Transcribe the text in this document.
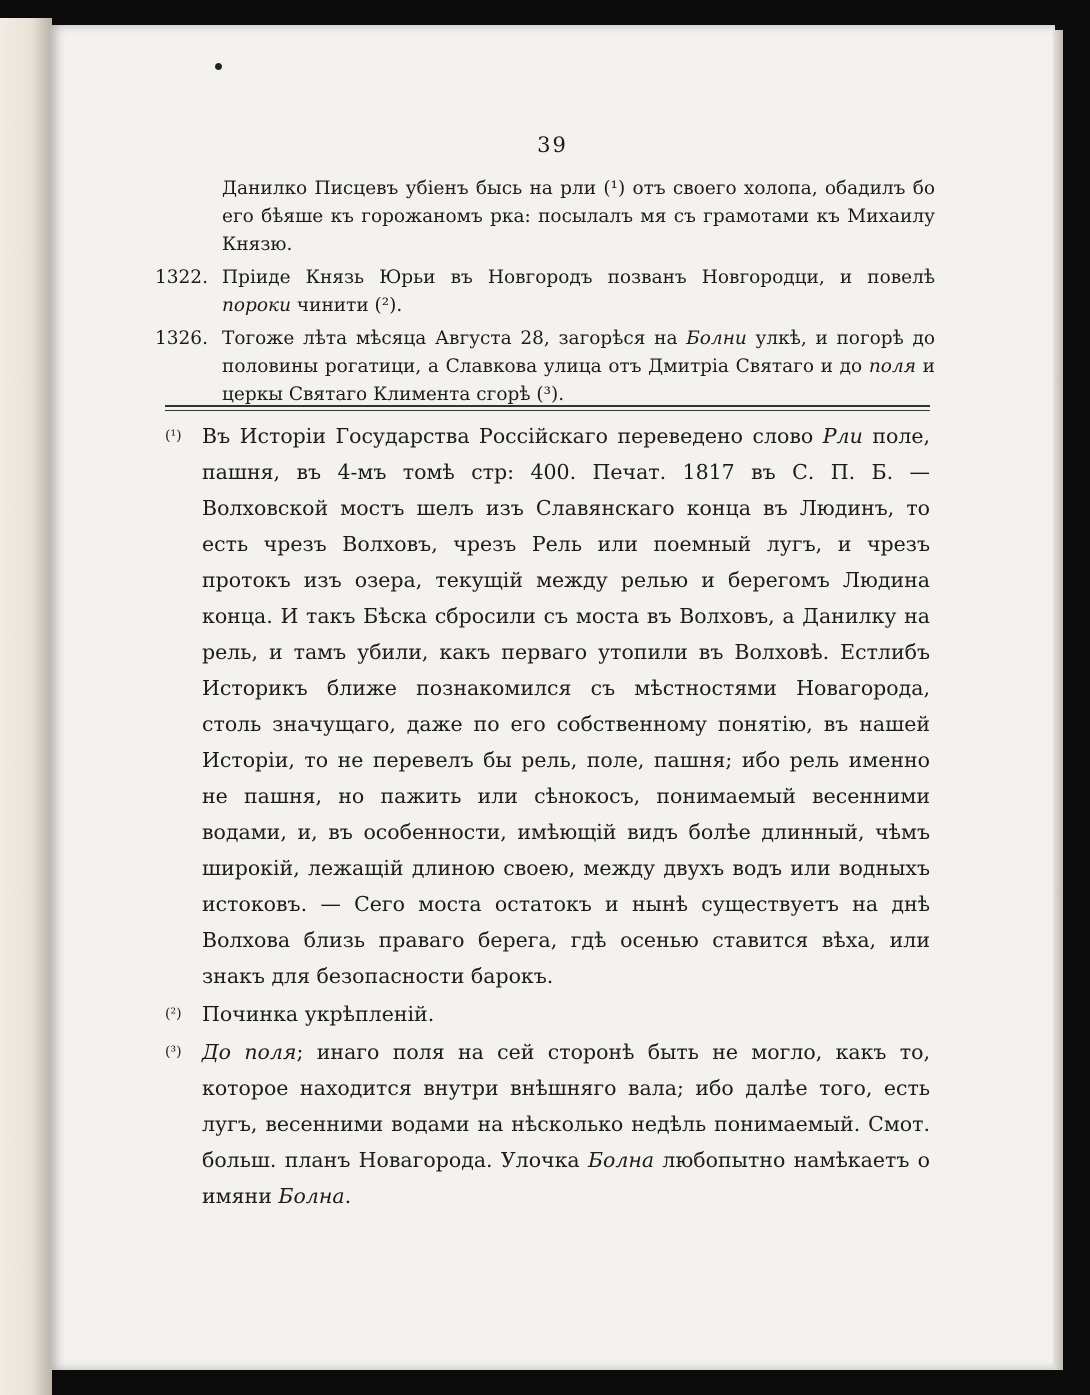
39
Данилко Писцевъ убіенъ бысь на рли (¹) отъ своего холопа, обадилъ бо его бѣяше къ горожаномъ рка: посылалъ мя съ грамотами къ Михаилу Князю.
1322. Пріиде Князь Юрьи въ Новгородъ позванъ Новгородци, и повелѣ пороки чинити (²).
1326. Тогоже лѣта мѣсяца Августа 28, загорѣся на Болни улкѣ, и погорѣ до половины рогатици, а Славкова улица отъ Дмитріа Святаго и до поля и церкы Святаго Климента сгорѣ (³).
(¹) Въ Исторіи Государства Россійскаго переведено слово Рли поле, пашня, въ 4-мъ томѣ стр: 400. Печат. 1817 въ С. П. Б. — Волховской мостъ шелъ изъ Славянскаго конца въ Людинъ, то есть чрезъ Волховъ, чрезъ Рель или поемный лугъ, и чрезъ протокъ изъ озера, текущій между релью и берегомъ Людина конца. И такъ Бѣска сбросили съ моста въ Волховъ, а Данилку на рель, и тамъ убили, какъ перваго утопили въ Волховѣ. Естлибъ Историкъ ближе познакомился съ мѣстностями Новагорода, столь значущаго, даже по его собственному понятію, въ нашей Исторіи, то не перевелъ бы рель, поле, пашня; ибо рель именно не пашня, но пажить или сѣнокосъ, понимаемый весенними водами, и, въ особенности, имѣющій видъ болѣе длинный, чѣмъ широкій, лежащій длиною своею, между двухъ водъ или водныхъ истоковъ. — Сего моста остатокъ и нынѣ существуетъ на днѣ Волхова близь праваго берега, гдѣ осенью ставится вѣха, или знакъ для безопасности барокъ.
(²) Починка укрѣпленій.
(³) До поля; инаго поля на сей сторонѣ быть не могло, какъ то, которое находится внутри внѣшняго вала; ибо далѣе того, есть лугъ, весенними водами на нѣсколько недѣль понимаемый. Смот. больш. планъ Новагорода. Улочка Болна любопытно намѣкаетъ о имяни Болна.
